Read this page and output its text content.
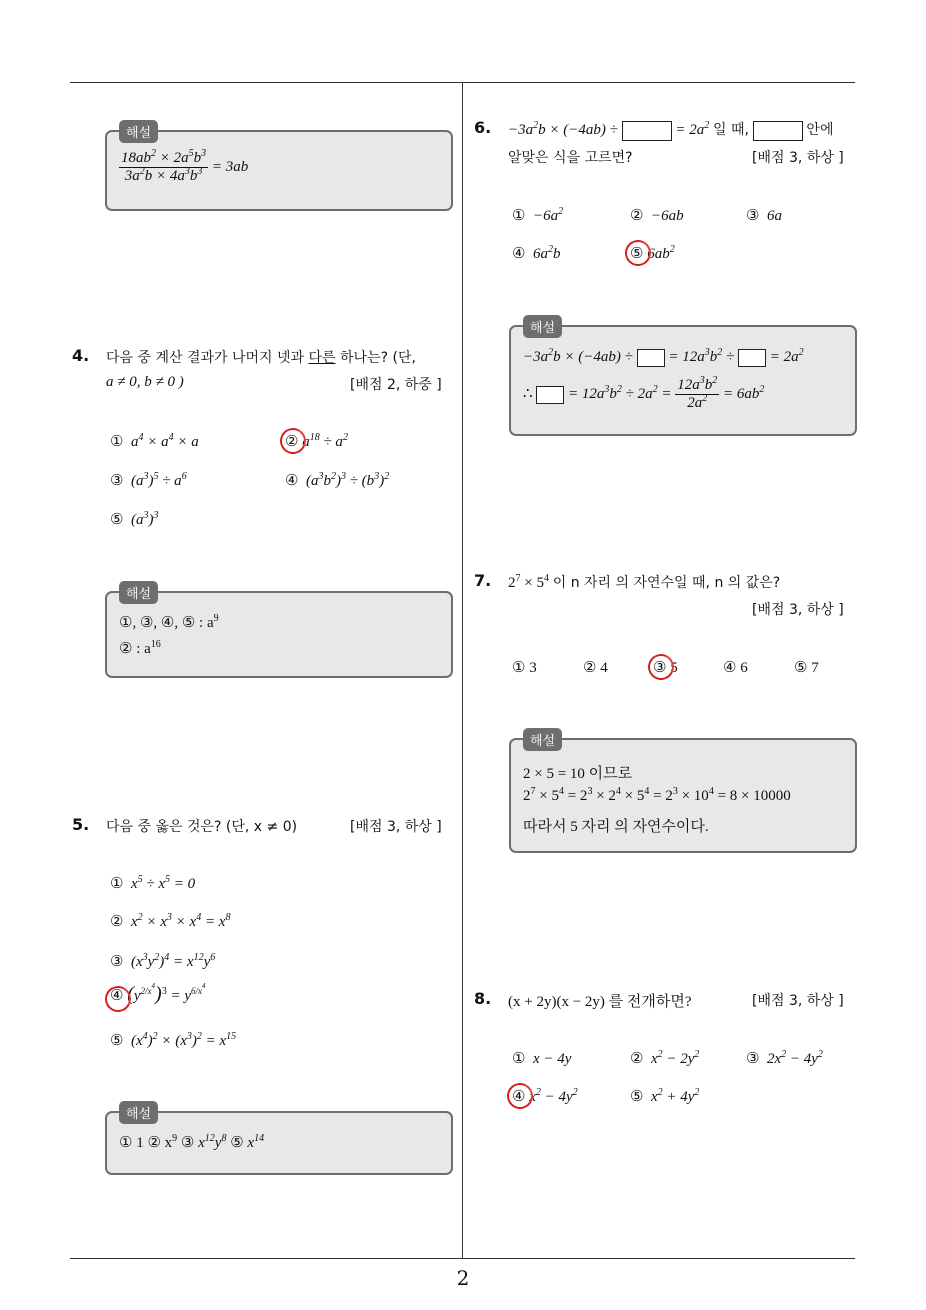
2
해설
$\frac{18ab^2 \times 2a^5b^3}{3a^2b \times 4a^3b^3} = 3ab$
4. 다음 중 계산 결과가 나머지 넷과 다른 하나는? (단,
a ≠ 0, b ≠ 0 )	[배점 2, 하중 ]
①  $a^4 \times a^4 \times a$	② $a^{18} \div a^2$
③  $(a^3)^5 \div a^6$	④  $(a^3b^2)^3 \div (b^3)^2$
⑤  $(a^3)^3$
해설
①, ③, ④, ⑤ : $a^9$
② : $a^{16}$
5. 다음 중 옳은 것은? (단, x ≠ 0)	[배점 3, 하상 ]
①  $x^5 \div x^5 = 0$
②  $x^2 \times x^3 \times x^4 = x^8$
③  $(x^3y^2)^4 = x^{12}y^6$
④ $(y^{2/x^4})^3 = y^{6/x^4}$
⑤  $(x^4)^2 \times (x^3)^2 = x^{15}$
해설
① 1 ② $x^9$ ③ $x^{12}y^8$ ⑤ $x^{14}$
6. $-3a^2b \times (-4ab)$ ÷	= $2a^2$ 일 때,	안에
알맞은 식을 고르면?	[배점 3, 하상 ]
①  $-6a^2$	②  −6ab	③  6a
④  $6a^2b$	⑤ $6ab^2$
해설
$-3a^2b \times (-4ab)$ ÷ = $12a^3b^2$ ÷ = $2a^2$
∴  = $12a^3b^2 \div 2a^2 = \frac{12a^3b^2}{2a^2} = 6ab^2$
7. $2^7 \times 5^4$ 이 n 자리 의 자연수일 때, n 의 값은?
[배점 3, 하상 ]
① 3	② 4	③ 5	④ 6	⑤ 7
해설
2 × 5 = 10 이므로
$2^7 \times 5^4 = 2^3 \times 2^4 \times 5^4 = 2^3 \times 10^4 = 8 \times 10000$
따라서 5 자리 의 자연수이다.
8. (x + 2y)(x − 2y) 를 전개하면?	[배점 3, 하상 ]
①  x − 4y	②  $x^2 - 2y^2$	③  $2x^2 - 4y^2$
④ $x^2 - 4y^2$	⑤  $x^2 + 4y^2$
